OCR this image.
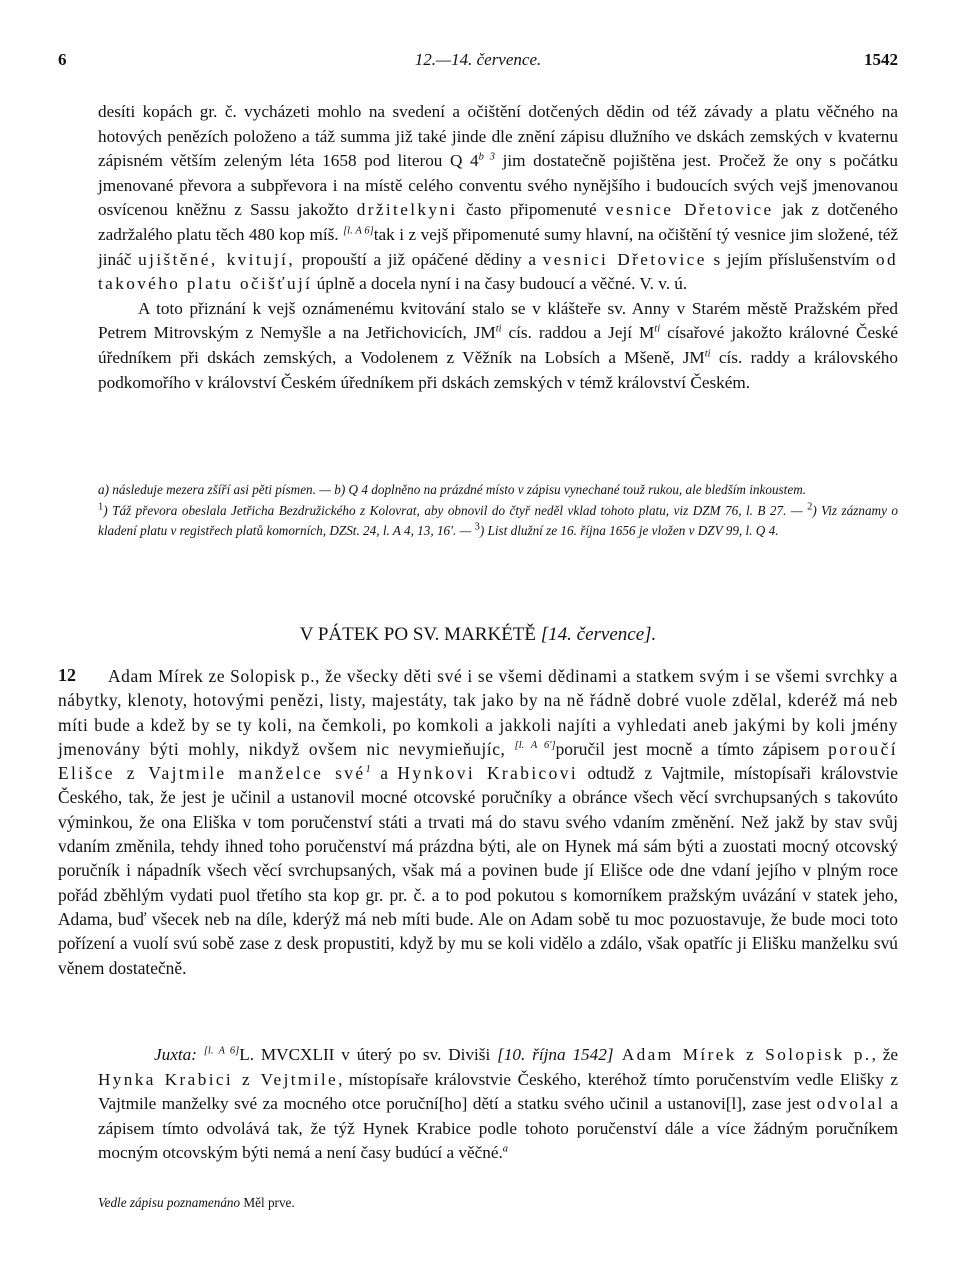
6	12.—14. července.	1542

desíti kopách gr. č. vycházeti mohlo na svedení a očištění dotčených dědin od též závady a platu věčného na hotových penězích položeno a táž summa již také jinde dle znění zápisu dlužního ve dskách zemských v kvaternu zápisném větším zeleným léta 1658 pod literou Q $4^{b 3}$ jim dostatečně pojištěna jest. Pročež že ony s počátku jmenované převora a subpřevora i na místě celého conventu svého nynějšího i budoucích svých vejš jmenovanou osvícenou kněžnu z Sassu jakožto držitelkyni často připomenuté vesnice Dřetovice jak z dotčeného zadržalého platu těch 480 kop míš. [l. A 6]tak i z vejš připomenuté sumy hlavní, na očištění tý vesnice jim složené, též jináč ujištěné, kvitují, propouští a již opáčené dědiny a vesnici Dřetovice s jejím příslušenstvím od takového platu očišťují úplně a docela nyní i na časy budoucí a věčné. V. v. ú.

A toto přiznání k vejš oznámenému kvitování stalo se v klášteře sv. Anny v Starém městě Pražském před Petrem Mitrovským z Nemyšle a na Jetřichovicích, $JM^{ti}$ cís. raddou a Její $M^{ti}$ císařové jakožto královné České úředníkem při dskách zemských, a Vodolenem z Věžník na Lobsích a Mšeně, $JM^{ti}$ cís. raddy a královského podkomořího v království Českém úředníkem při dskách zemských v témž království Českém.

a) následuje mezera zšíří asi pěti písmen. — b) Q 4 doplněno na prázdné místo v zápisu vynechané touž rukou, ale bledším inkoustem.

$^1$) Táž převora obeslala Jetřicha Bezdružického z Kolovrat, aby obnovil do čtyř neděl vklad tohoto platu, viz DZM 76, l. B 27. — $^2$) Viz záznamy o kladení platu v registřech platů komorních, DZSt. 24, l. A 4, 13, 16'. — $^3$) List dlužní ze 16. října 1656 je vložen v DZV 99, l. Q 4.

V PÁTEK PO SV. MARKÉTĚ [14. července].
12	Adam Mírek ze Solopisk p., že všecky děti své i se všemi dědinami a statkem svým i se všemi svrchky a nábytky, klenoty, hotovými penězi, listy, majestáty, tak jako by na ně řádně dobré vuole zdělal, kderéž má neb míti bude a kdež by se ty koli, na čemkoli, po komkoli a jakkoli najíti a vyhledati aneb jakými by koli jmény jmenovány býti mohly, nikdyž ovšem nic nevymieňujíc, [l. A 6']poručil jest mocně a tímto zápisem poroučí Elišce z Vajtmile manželce své$^1$ a Hynkovi Krabicovi odtudž z Vajtmile, místopísaři královstvie Českého, tak, že jest je učinil a ustanovil mocné otcovské poručníky a obránce všech věcí svrchupsaných s takovúto výminkou, že ona Eliška v tom poručenství státi a trvati má do stavu svého vdaním změnění. Než jakž by stav svůj vdaním změnila, tehdy ihned toho poručenství má prázdna býti, ale on Hynek má sám býti a zuostati mocný otcovský poručník i nápadník všech věcí svrchupsaných, však má a povinen bude jí Elišce ode dne vdaní jejího v plným roce pořád zběhlým vydati puol třetího sta kop gr. pr. č. a to pod pokutou s komorníkem pražským uvázání v statek jeho, Adama, buď všecek neb na díle, kderýž má neb míti bude. Ale on Adam sobě tu moc pozuostavuje, že bude moci toto pořízení a vuolí svú sobě zase z desk propustiti, když by mu se koli vidělo a zdálo, však opatříc ji Elišku manželku svú věnem dostatečně.

Juxta: [l. A 6]L. MVCXLII v úterý po sv. Diviši [10. října 1542] Adam Mírek z Solopisk p., že Hynka Krabici z Vejtmile, místopísaře královstvie Českého, kteréhož tímto poručenstvím vedle Elišky z Vajtmile manželky své za mocného otce poruční[ho] dětí a statku svého učinil a ustanovi[l], zase jest odvolal a zápisem tímto odvolává tak, že týž Hynek Krabice podle tohoto poručenství dále a více žádným poručníkem mocným otcovským býti nemá a není časy budúcí a věčné.$^a$

Vedle zápisu poznamenáno Měl prve.
